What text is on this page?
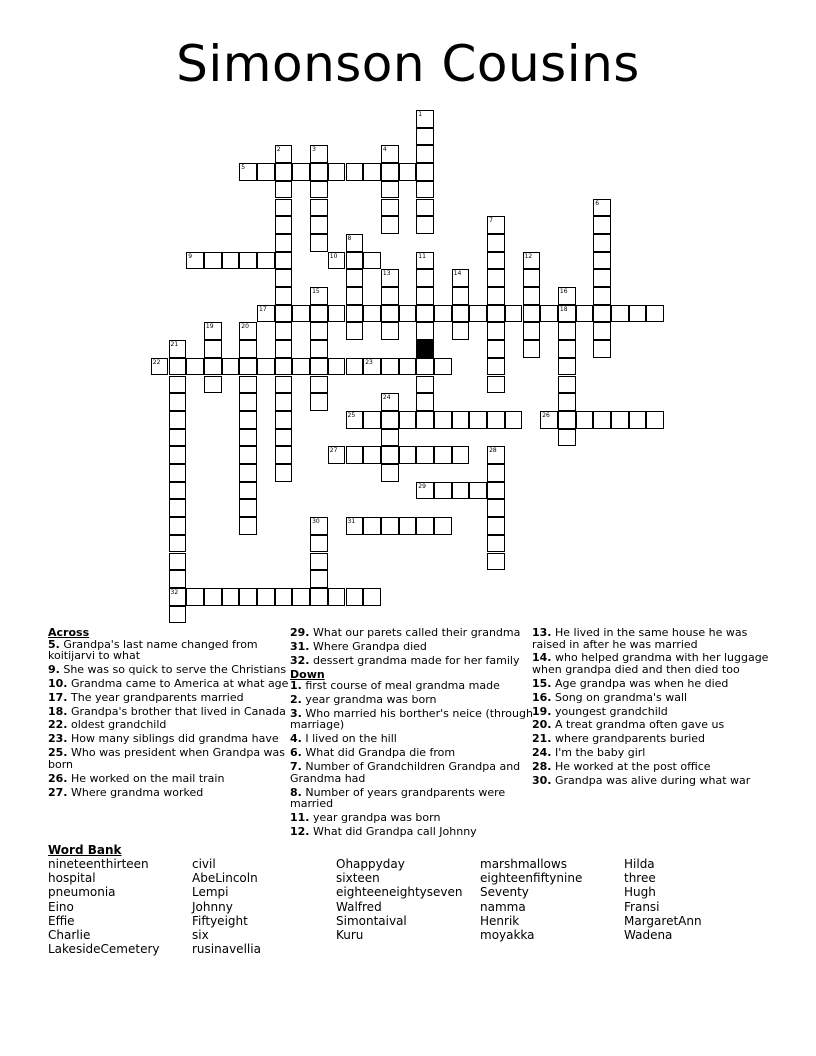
Simonson Cousins
1
2	3	4
5
6
7
8
9	10	11	12
13	14
15	16
18
17
19	20
21
32
22	23
24
25	26
27	28
29
30	31
Across
5. Grandpa's last name changed from koitijarvi to what
9. She was so quick to serve the Christians
10. Grandma came to America at what age
17. The year grandparents married
18. Grandpa's brother that lived in Canada
22. oldest grandchild
23. How many siblings did grandma have
25. Who was president when Grandpa was born
26. He worked on the mail train
27. Where grandma worked
29. What our parets called their grandma
31. Where Grandpa died
32. dessert grandma made for her family
Down
1. first course of meal grandma made
2. year grandma was born
3. Who married his borther's neice (through marriage)
4. I lived on the hill
6. What did Grandpa die from
7. Number of Grandchildren Grandpa and Grandma had
8. Number of years grandparents were married
11. year grandpa was born
12. What did Grandpa call Johnny
13. He lived in the same house he was raised in after he was married
14. who helped grandma with her luggage when grandpa died and then died too
15. Age grandpa was when he died
16. Song on grandma's wall
19. youngest grandchild
20. A treat grandma often gave us
21. where grandparents buried
24. I'm the baby girl
28. He worked at the post office
30. Grandpa was alive during what war
Word Bank
nineteenthirteen
hospital
pneumonia
Eino
Effie
Charlie
LakesideCemetery
civil
AbeLincoln
Lempi
Johnny
Fiftyeight
six
rusinavellia
Ohappyday
sixteen
eighteeneightyseven
Walfred
Simontaival
Kuru
marshmallows
eighteenfiftynine
Seventy
namma
Henrik
moyakka
Hilda
three
Hugh
Fransi
MargaretAnn
Wadena
